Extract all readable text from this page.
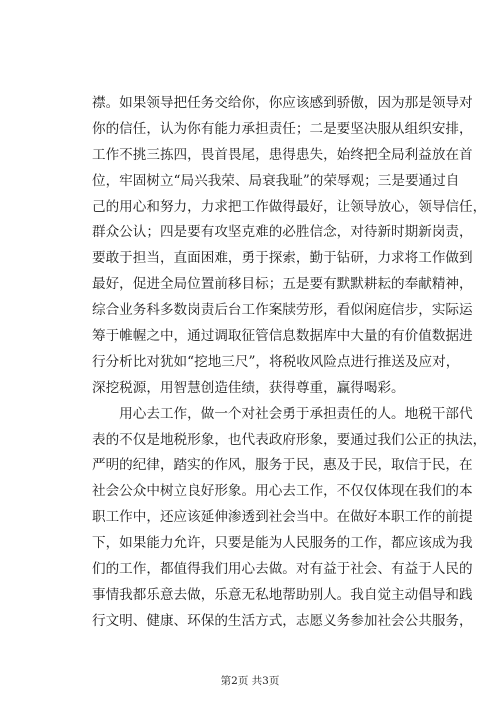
襟。如果领导把任务交给你，你应该感到骄傲，因为那是领导对
你的信任，认为你有能力承担责任；二是要坚决服从组织安排，
工作不挑三拣四，畏首畏尾，患得患失，始终把全局利益放在首
位，牢固树立“局兴我荣、局衰我耻”的荣辱观；三是要通过自
己的用心和努力，力求把工作做得最好，让领导放心，领导信任，
群众公认；四是要有攻坚克难的必胜信念，对待新时期新岗责，
要敢于担当，直面困难，勇于探索，勤于钻研，力求将工作做到
最好，促进全局位置前移目标；五是要有默默耕耘的奉献精神，
综合业务科多数岗责后台工作案牍劳形，看似闲庭信步，实际运
筹于帷幄之中，通过调取征管信息数据库中大量的有价值数据进
行分析比对犹如“挖地三尺”，将税收风险点进行推送及应对，
深挖税源，用智慧创造佳绩，获得尊重，赢得喝彩。
　　用心去工作，做一个对社会勇于承担责任的人。地税干部代
表的不仅是地税形象，也代表政府形象，要通过我们公正的执法，
严明的纪律，踏实的作风，服务于民，惠及于民，取信于民，在
社会公众中树立良好形象。用心去工作，不仅仅体现在我们的本
职工作中，还应该延伸渗透到社会当中。在做好本职工作的前提
下，如果能力允许，只要是能为人民服务的工作，都应该成为我
们的工作，都值得我们用心去做。对有益于社会、有益于人民的
事情我都乐意去做，乐意无私地帮助别人。我自觉主动倡导和践
行文明、健康、环保的生活方式，志愿义务参加社会公共服务，
第2页 共3页
